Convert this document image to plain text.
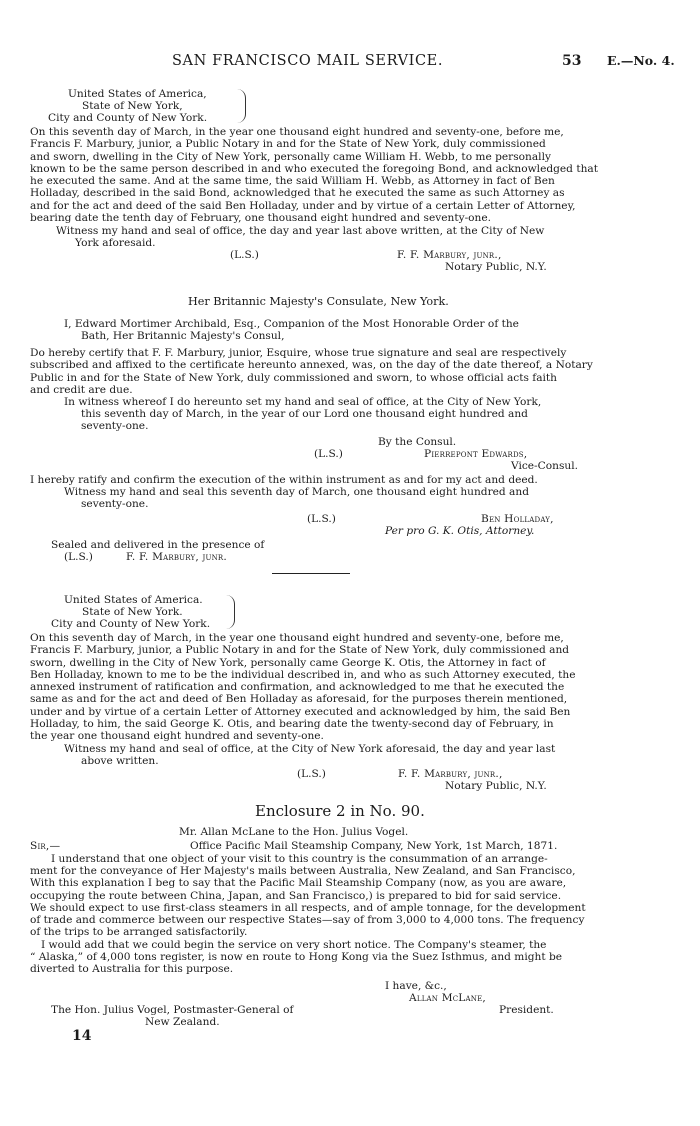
SAN FRANCISCO MAIL SERVICE.	53 E.—No. 4.
United States of America,
State of New York,
City and County of New York.
On this seventh day of March, in the year one thousand eight hundred and seventy-one, before me,
Francis F. Marbury, junior, a Public Notary in and for the State of New York, duly commissioned
and sworn, dwelling in the City of New York, personally came William H. Webb, to me personally
known to be the same person described in and who executed the foregoing Bond, and acknowledged that
he executed the same. And at the same time, the said William H. Webb, as Attorney in fact of Ben
Holladay, described in the said Bond, acknowledged that he executed the same as such Attorney as
and for the act and deed of the said Ben Holladay, under and by virtue of a certain Letter of Attorney,
bearing date the tenth day of February, one thousand eight hundred and seventy-one.
Witness my hand and seal of office, the day and year last above written, at the City of New
York aforesaid.
(L.S.)	F. F. Marbury, junr.,
Notary Public, N.Y.
Her Britannic Majesty's Consulate, New York.
I, Edward Mortimer Archibald, Esq., Companion of the Most Honorable Order of the
Bath, Her Britannic Majesty's Consul,
Do hereby certify that F. F. Marbury, junior, Esquire, whose true signature and seal are respectively
subscribed and affixed to the certificate hereunto annexed, was, on the day of the date thereof, a Notary
Public in and for the State of New York, duly commissioned and sworn, to whose official acts faith
and credit are due.
In witness whereof I do hereunto set my hand and seal of office, at the City of New York,
this seventh day of March, in the year of our Lord one thousand eight hundred and
seventy-one.
By the Consul.
(L.S.)	Pierrepont Edwards,
Vice-Consul.
I hereby ratify and confirm the execution of the within instrument as and for my act and deed.
Witness my hand and seal this seventh day of March, one thousand eight hundred and
seventy-one.
(L.S.)	Ben Holladay,
Per pro G. K. Otis, Attorney.
Sealed and delivered in the presence of
(L.S.)	F. F. Marbury, junr.
United States of America.
State of New York.
City and County of New York.
On this seventh day of March, in the year one thousand eight hundred and seventy-one, before me,
Francis F. Marbury, junior, a Public Notary in and for the State of New York, duly commissioned and
sworn, dwelling in the City of New York, personally came George K. Otis, the Attorney in fact of
Ben Holladay, known to me to be the individual described in, and who as such Attorney executed, the
annexed instrument of ratification and confirmation, and acknowledged to me that he executed the
same as and for the act and deed of Ben Holladay as aforesaid, for the purposes therein mentioned,
under and by virtue of a certain Letter of Attorney executed and acknowledged by him, the said Ben
Holladay, to him, the said George K. Otis, and bearing date the twenty-second day of February, in
the year one thousand eight hundred and seventy-one.
Witness my hand and seal of office, at the City of New York aforesaid, the day and year last
above written.
(L.S.)	F. F. Marbury, junr.,
Notary Public, N.Y.
Enclosure 2 in No. 90.
Mr. Allan McLane to the Hon. Julius Vogel.
Sir,—	Office Pacific Mail Steamship Company, New York, 1st March, 1871.
I understand that one object of your visit to this country is the consummation of an arrange-
ment for the conveyance of Her Majesty's mails between Australia, New Zealand, and San Francisco,
With this explanation I beg to say that the Pacific Mail Steamship Company (now, as you are aware,
occupying the route between China, Japan, and San Francisco,) is prepared to bid for said service.
We should expect to use first-class steamers in all respects, and of ample tonnage, for the development
of trade and commerce between our respective States—say of from 3,000 to 4,000 tons. The frequency
of the trips to be arranged satisfactorily.
I would add that we could begin the service on very short notice. The Company's steamer, the
“ Alaska,” of 4,000 tons register, is now en route to Hong Kong via the Suez Isthmus, and might be
diverted to Australia for this purpose.
I have, &c.,
Allan McLane,
President.
The Hon. Julius Vogel, Postmaster-General of
New Zealand.
14
